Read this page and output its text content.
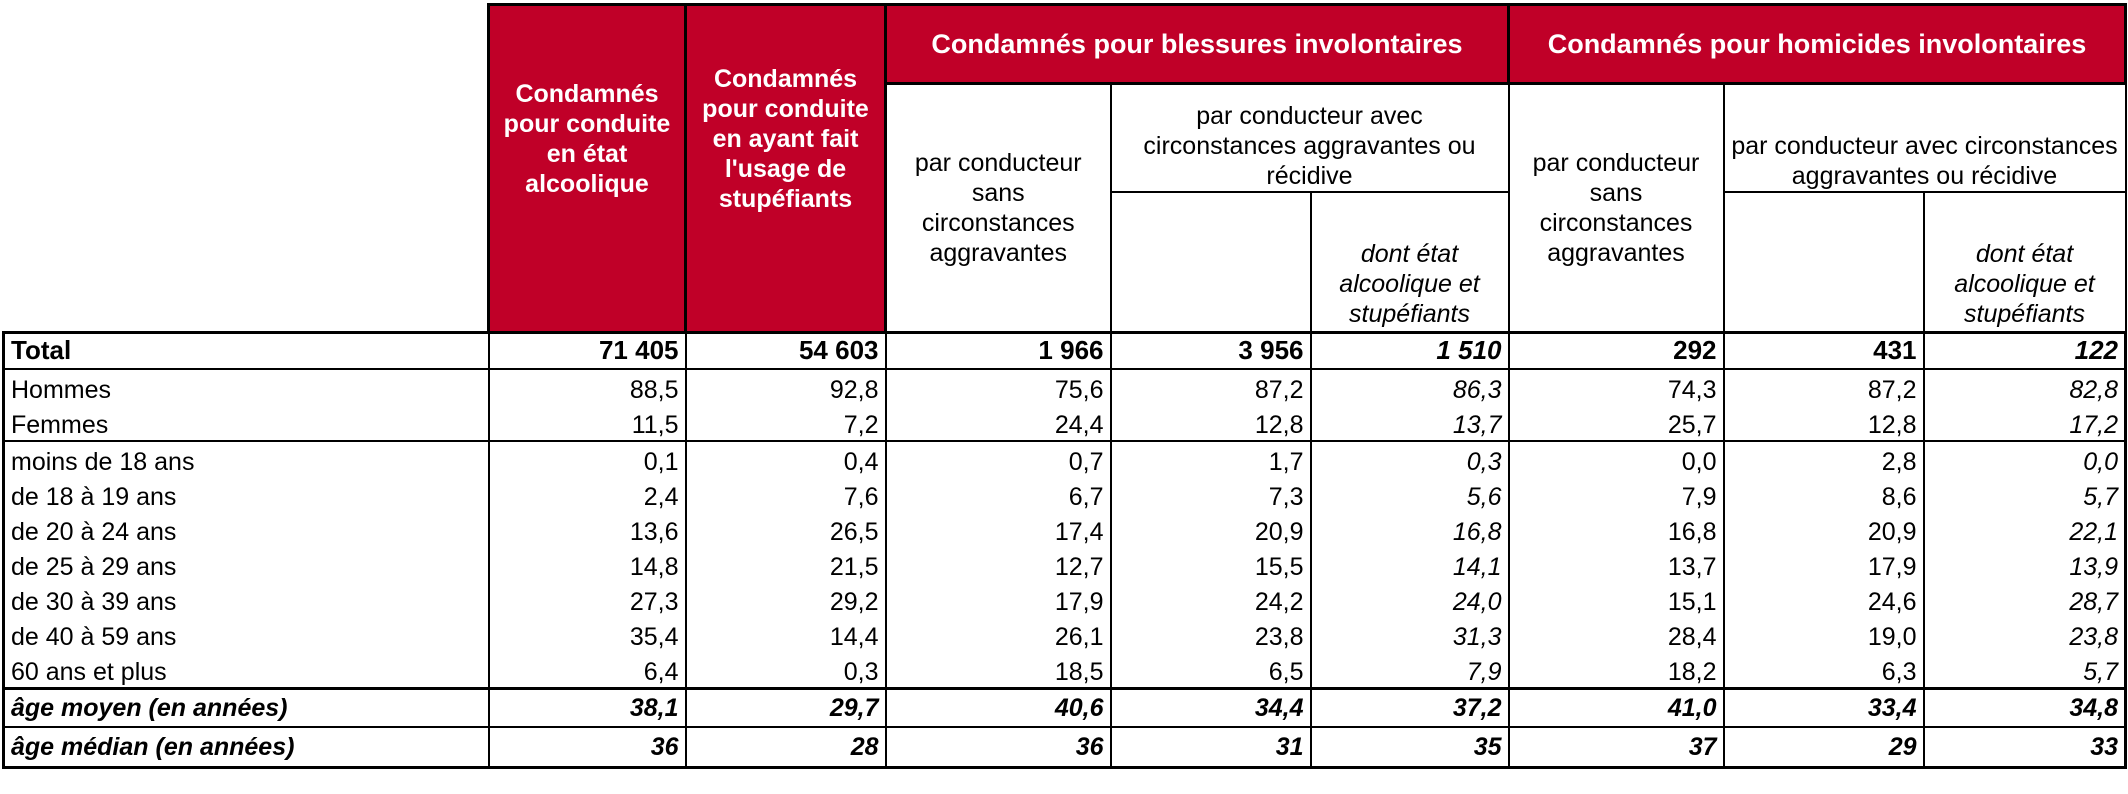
	Condamnés pour conduite en état alcoolique	Condamnés pour conduite en ayant fait l'usage de stupéfiants	Condamnés pour blessures involontaires			Condamnés pour homicides involontaires		
			par conducteur sans circonstances aggravantes	par conducteur avec circonstances aggravantes ou récidive		par conducteur sans circonstances aggravantes	par conducteur avec circonstances aggravantes ou récidive	
					dont état alcoolique et stupéfiants			dont état alcoolique et stupéfiants
Total	71 405	54 603	1 966	3 956	1 510	292	431	122
Hommes	88,5	92,8	75,6	87,2	86,3	74,3	87,2	82,8
Femmes	11,5	7,2	24,4	12,8	13,7	25,7	12,8	17,2
moins de 18 ans	0,1	0,4	0,7	1,7	0,3	0,0	2,8	0,0
de 18 à 19 ans	2,4	7,6	6,7	7,3	5,6	7,9	8,6	5,7
de 20 à 24 ans	13,6	26,5	17,4	20,9	16,8	16,8	20,9	22,1
de 25 à 29 ans	14,8	21,5	12,7	15,5	14,1	13,7	17,9	13,9
de 30 à 39 ans	27,3	29,2	17,9	24,2	24,0	15,1	24,6	28,7
de 40 à 59 ans	35,4	14,4	26,1	23,8	31,3	28,4	19,0	23,8
60 ans et plus	6,4	0,3	18,5	6,5	7,9	18,2	6,3	5,7
âge moyen (en années)	38,1	29,7	40,6	34,4	37,2	41,0	33,4	34,8
âge médian (en années)	36	28	36	31	35	37	29	33
